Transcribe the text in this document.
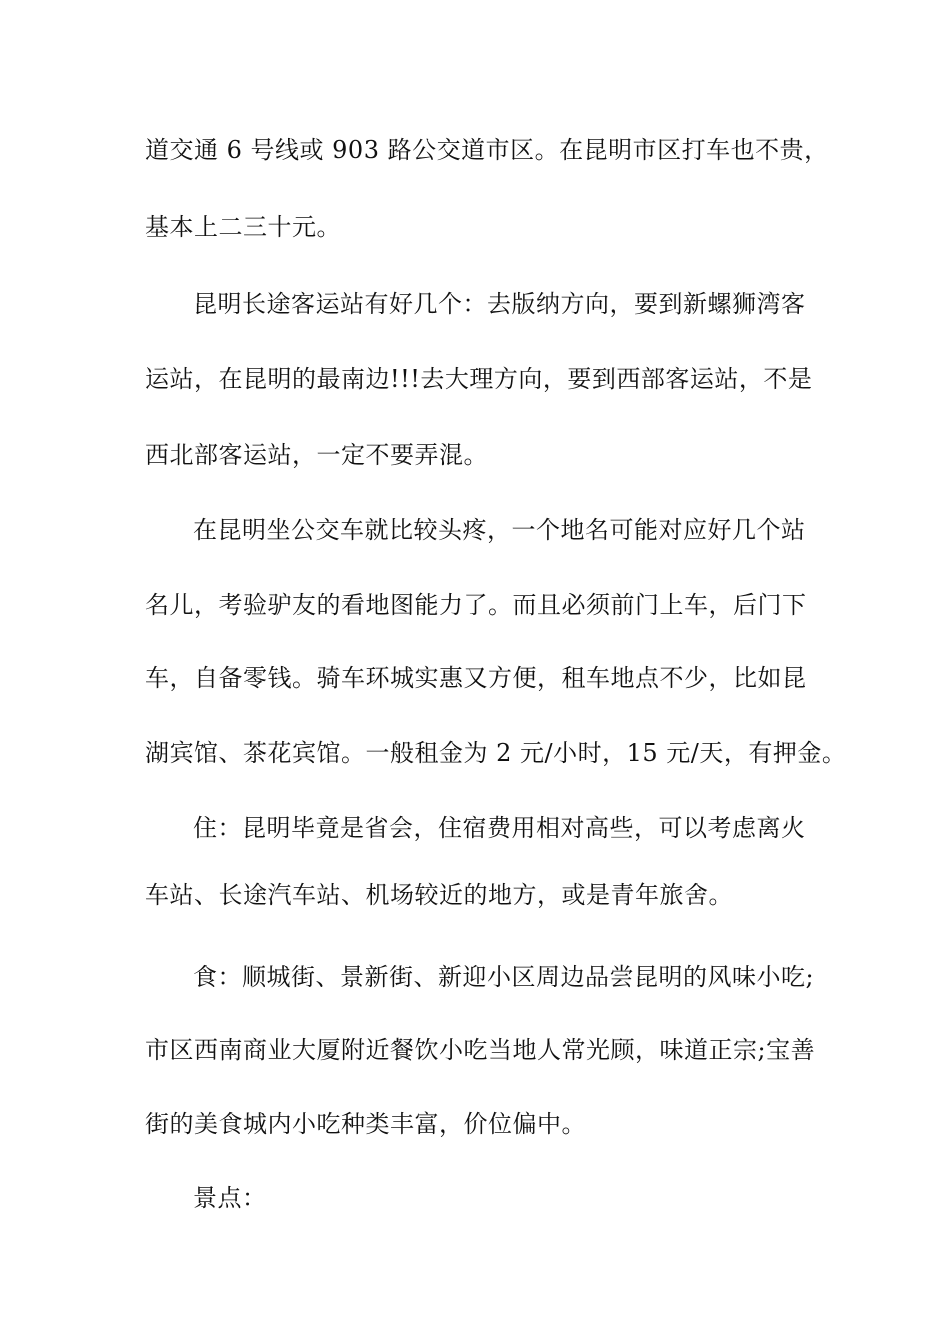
道交通 6 号线或 903 路公交道市区。在昆明市区打车也不贵，
基本上二三十元。
昆明长途客运站有好几个：去版纳方向，要到新螺狮湾客
运站，在昆明的最南边!!!去大理方向，要到西部客运站，不是
西北部客运站，一定不要弄混。
在昆明坐公交车就比较头疼，一个地名可能对应好几个站
名儿，考验驴友的看地图能力了。而且必须前门上车，后门下
车，自备零钱。骑车环城实惠又方便，租车地点不少，比如昆
湖宾馆、茶花宾馆。一般租金为 2 元/小时，15 元/天，有押金。
住：昆明毕竟是省会，住宿费用相对高些，可以考虑离火
车站、长途汽车站、机场较近的地方，或是青年旅舍。
食：顺城街、景新街、新迎小区周边品尝昆明的风味小吃;
市区西南商业大厦附近餐饮小吃当地人常光顾，味道正宗;宝善
街的美食城内小吃种类丰富，价位偏中。
景点：
